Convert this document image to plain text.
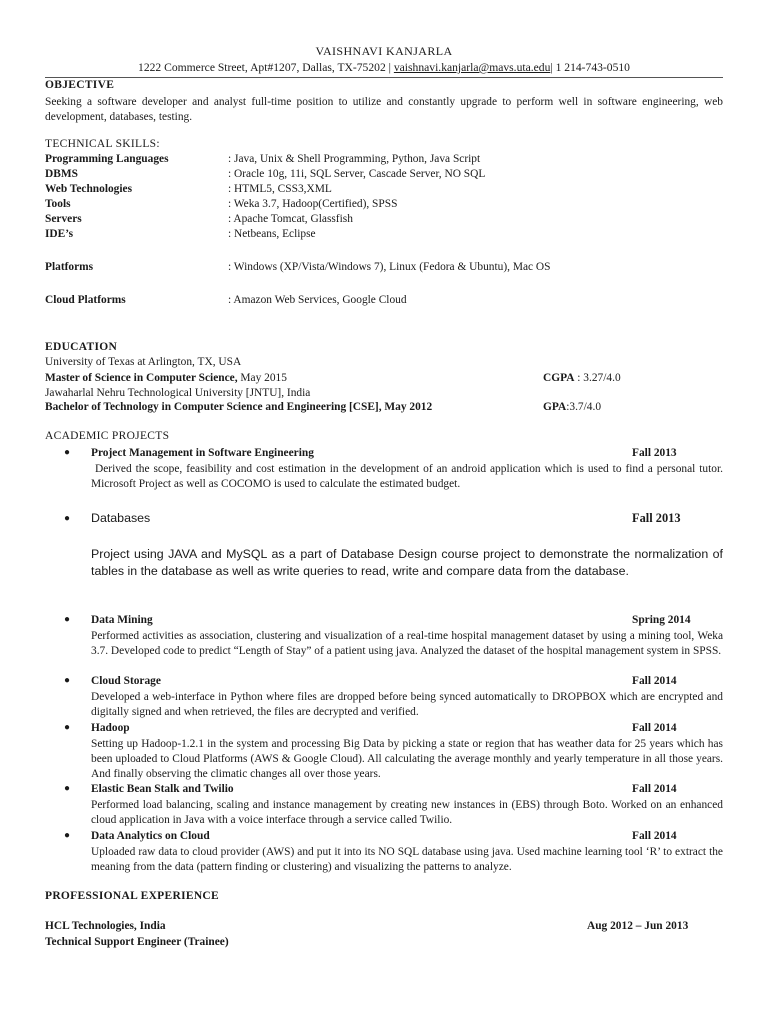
VAISHNAVI KANJARLA
1222 Commerce Street, Apt#1207, Dallas, TX-75202 | vaishnavi.kanjarla@mavs.uta.edu| 1 214-743-0510
OBJECTIVE
Seeking a software developer and analyst full-time position to utilize and constantly upgrade to perform well in software engineering, web development, databases, testing.
TECHNICAL SKILLS:
Programming Languages	: Java, Unix & Shell Programming, Python, Java Script
DBMS	: Oracle 10g, 11i, SQL Server, Cascade Server, NO SQL
Web Technologies	: HTML5, CSS3,XML
Tools	: Weka 3.7, Hadoop(Certified), SPSS
Servers	: Apache Tomcat, Glassfish
IDE’s	: Netbeans, Eclipse
Platforms	: Windows (XP/Vista/Windows 7), Linux (Fedora & Ubuntu), Mac OS
Cloud Platforms	: Amazon Web Services, Google Cloud
EDUCATION
University of Texas at Arlington, TX, USA
Master of Science in Computer Science, May 2015	CGPA : 3.27/4.0
Jawaharlal Nehru Technological University [JNTU], India
Bachelor of Technology in Computer Science and Engineering [CSE], May 2012	GPA:3.7/4.0
ACADEMIC PROJECTS
● Project Management in Software Engineering	Fall 2013
Derived the scope, feasibility and cost estimation in the development of an android application which is used to find a personal tutor. Microsoft Project as well as COCOMO is used to calculate the estimated budget.
● Databases	Fall 2013
Project using JAVA and MySQL as a part of Database Design course project to demonstrate the normalization of tables in the database as well as write queries to read, write and compare data from the database.
● Data Mining	Spring 2014
Performed activities as association, clustering and visualization of a real-time hospital management dataset by using a mining tool, Weka 3.7. Developed code to predict “Length of Stay” of a patient using java. Analyzed the dataset of the hospital management system in SPSS.
● Cloud Storage	Fall 2014
Developed a web-interface in Python where files are dropped before being synced automatically to DROPBOX which are encrypted and digitally signed and when retrieved, the files are decrypted and verified.
● Hadoop	Fall 2014
Setting up Hadoop-1.2.1 in the system and processing Big Data by picking a state or region that has weather data for 25 years which has been uploaded to Cloud Platforms (AWS & Google Cloud). All calculating the average monthly and yearly temperature in all those years. And finally observing the climatic changes all over those years.
● Elastic Bean Stalk and Twilio	Fall 2014
Performed load balancing, scaling and instance management by creating new instances in (EBS) through Boto. Worked on an enhanced cloud application in Java with a voice interface through a service called Twilio.
● Data Analytics on Cloud	Fall 2014
Uploaded raw data to cloud provider (AWS) and put it into its NO SQL database using java. Used machine learning tool ‘R’ to extract the meaning from the data (pattern finding or clustering) and visualizing the patterns to analyze.
PROFESSIONAL EXPERIENCE
HCL Technologies, India	Aug 2012 – Jun 2013
Technical Support Engineer (Trainee)
